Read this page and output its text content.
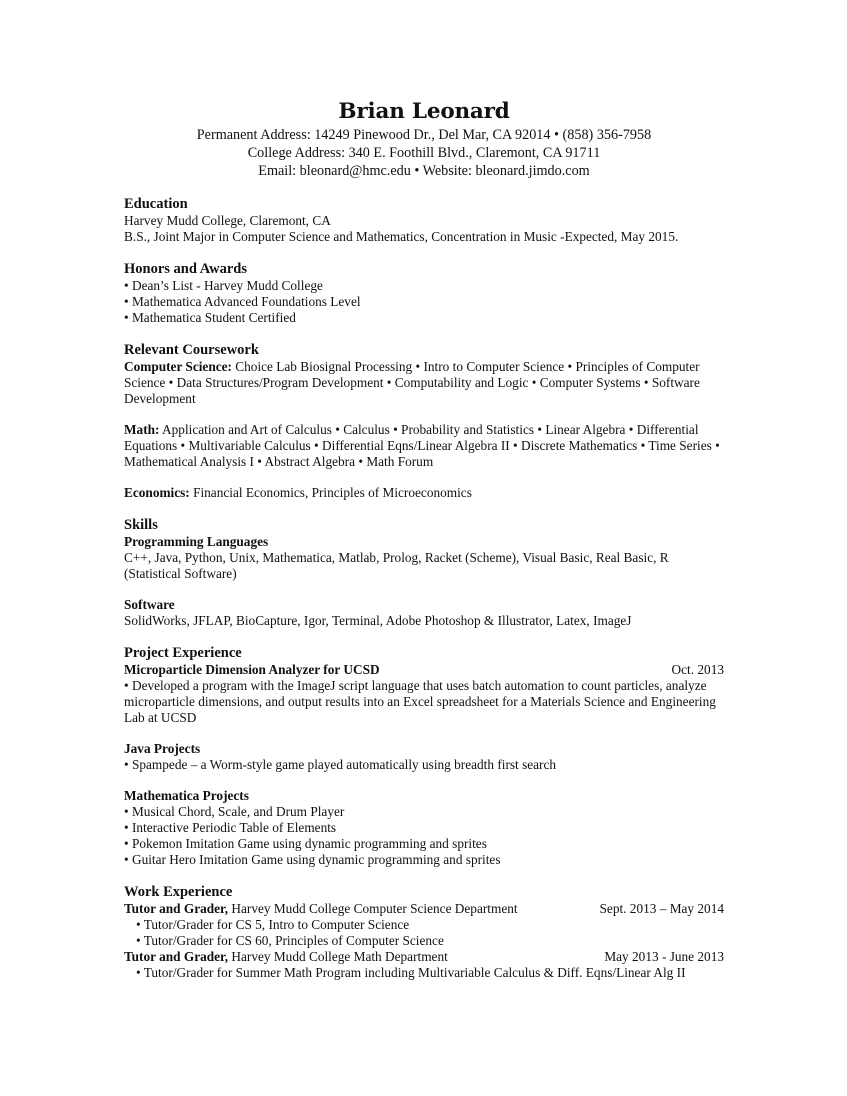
Brian Leonard
Permanent Address: 14249 Pinewood Dr., Del Mar, CA 92014 • (858) 356-7958
College Address: 340 E. Foothill Blvd., Claremont, CA 91711
Email: bleonard@hmc.edu • Website: bleonard.jimdo.com
Education
Harvey Mudd College, Claremont, CA
B.S., Joint Major in Computer Science and Mathematics, Concentration in Music -Expected, May 2015.
Honors and Awards
• Dean’s List - Harvey Mudd College
• Mathematica Advanced Foundations Level
• Mathematica Student Certified
Relevant Coursework
Computer Science: Choice Lab Biosignal Processing • Intro to Computer Science • Principles of Computer Science • Data Structures/Program Development • Computability and Logic • Computer Systems • Software Development
Math: Application and Art of Calculus • Calculus • Probability and Statistics • Linear Algebra • Differential Equations • Multivariable Calculus • Differential Eqns/Linear Algebra II • Discrete Mathematics • Time Series • Mathematical Analysis I • Abstract Algebra • Math Forum
Economics: Financial Economics, Principles of Microeconomics
Skills
Programming Languages
C++, Java, Python, Unix, Mathematica, Matlab, Prolog, Racket (Scheme), Visual Basic, Real Basic, R (Statistical Software)
Software
SolidWorks, JFLAP, BioCapture, Igor, Terminal, Adobe Photoshop & Illustrator, Latex, ImageJ
Project Experience
Microparticle Dimension Analyzer for UCSD	Oct. 2013
• Developed a program with the ImageJ script language that uses batch automation to count particles, analyze microparticle dimensions, and output results into an Excel spreadsheet for a Materials Science and Engineering Lab at UCSD
Java Projects
• Spampede – a Worm-style game played automatically using breadth first search
Mathematica Projects
• Musical Chord, Scale, and Drum Player
• Interactive Periodic Table of Elements
• Pokemon Imitation Game using dynamic programming and sprites
• Guitar Hero Imitation Game using dynamic programming and sprites
Work Experience
Tutor and Grader, Harvey Mudd College Computer Science Department	Sept. 2013 – May 2014
• Tutor/Grader for CS 5, Intro to Computer Science
• Tutor/Grader for CS 60, Principles of Computer Science
Tutor and Grader, Harvey Mudd College Math Department	May 2013 - June 2013
• Tutor/Grader for Summer Math Program including Multivariable Calculus & Diff. Eqns/Linear Alg II
